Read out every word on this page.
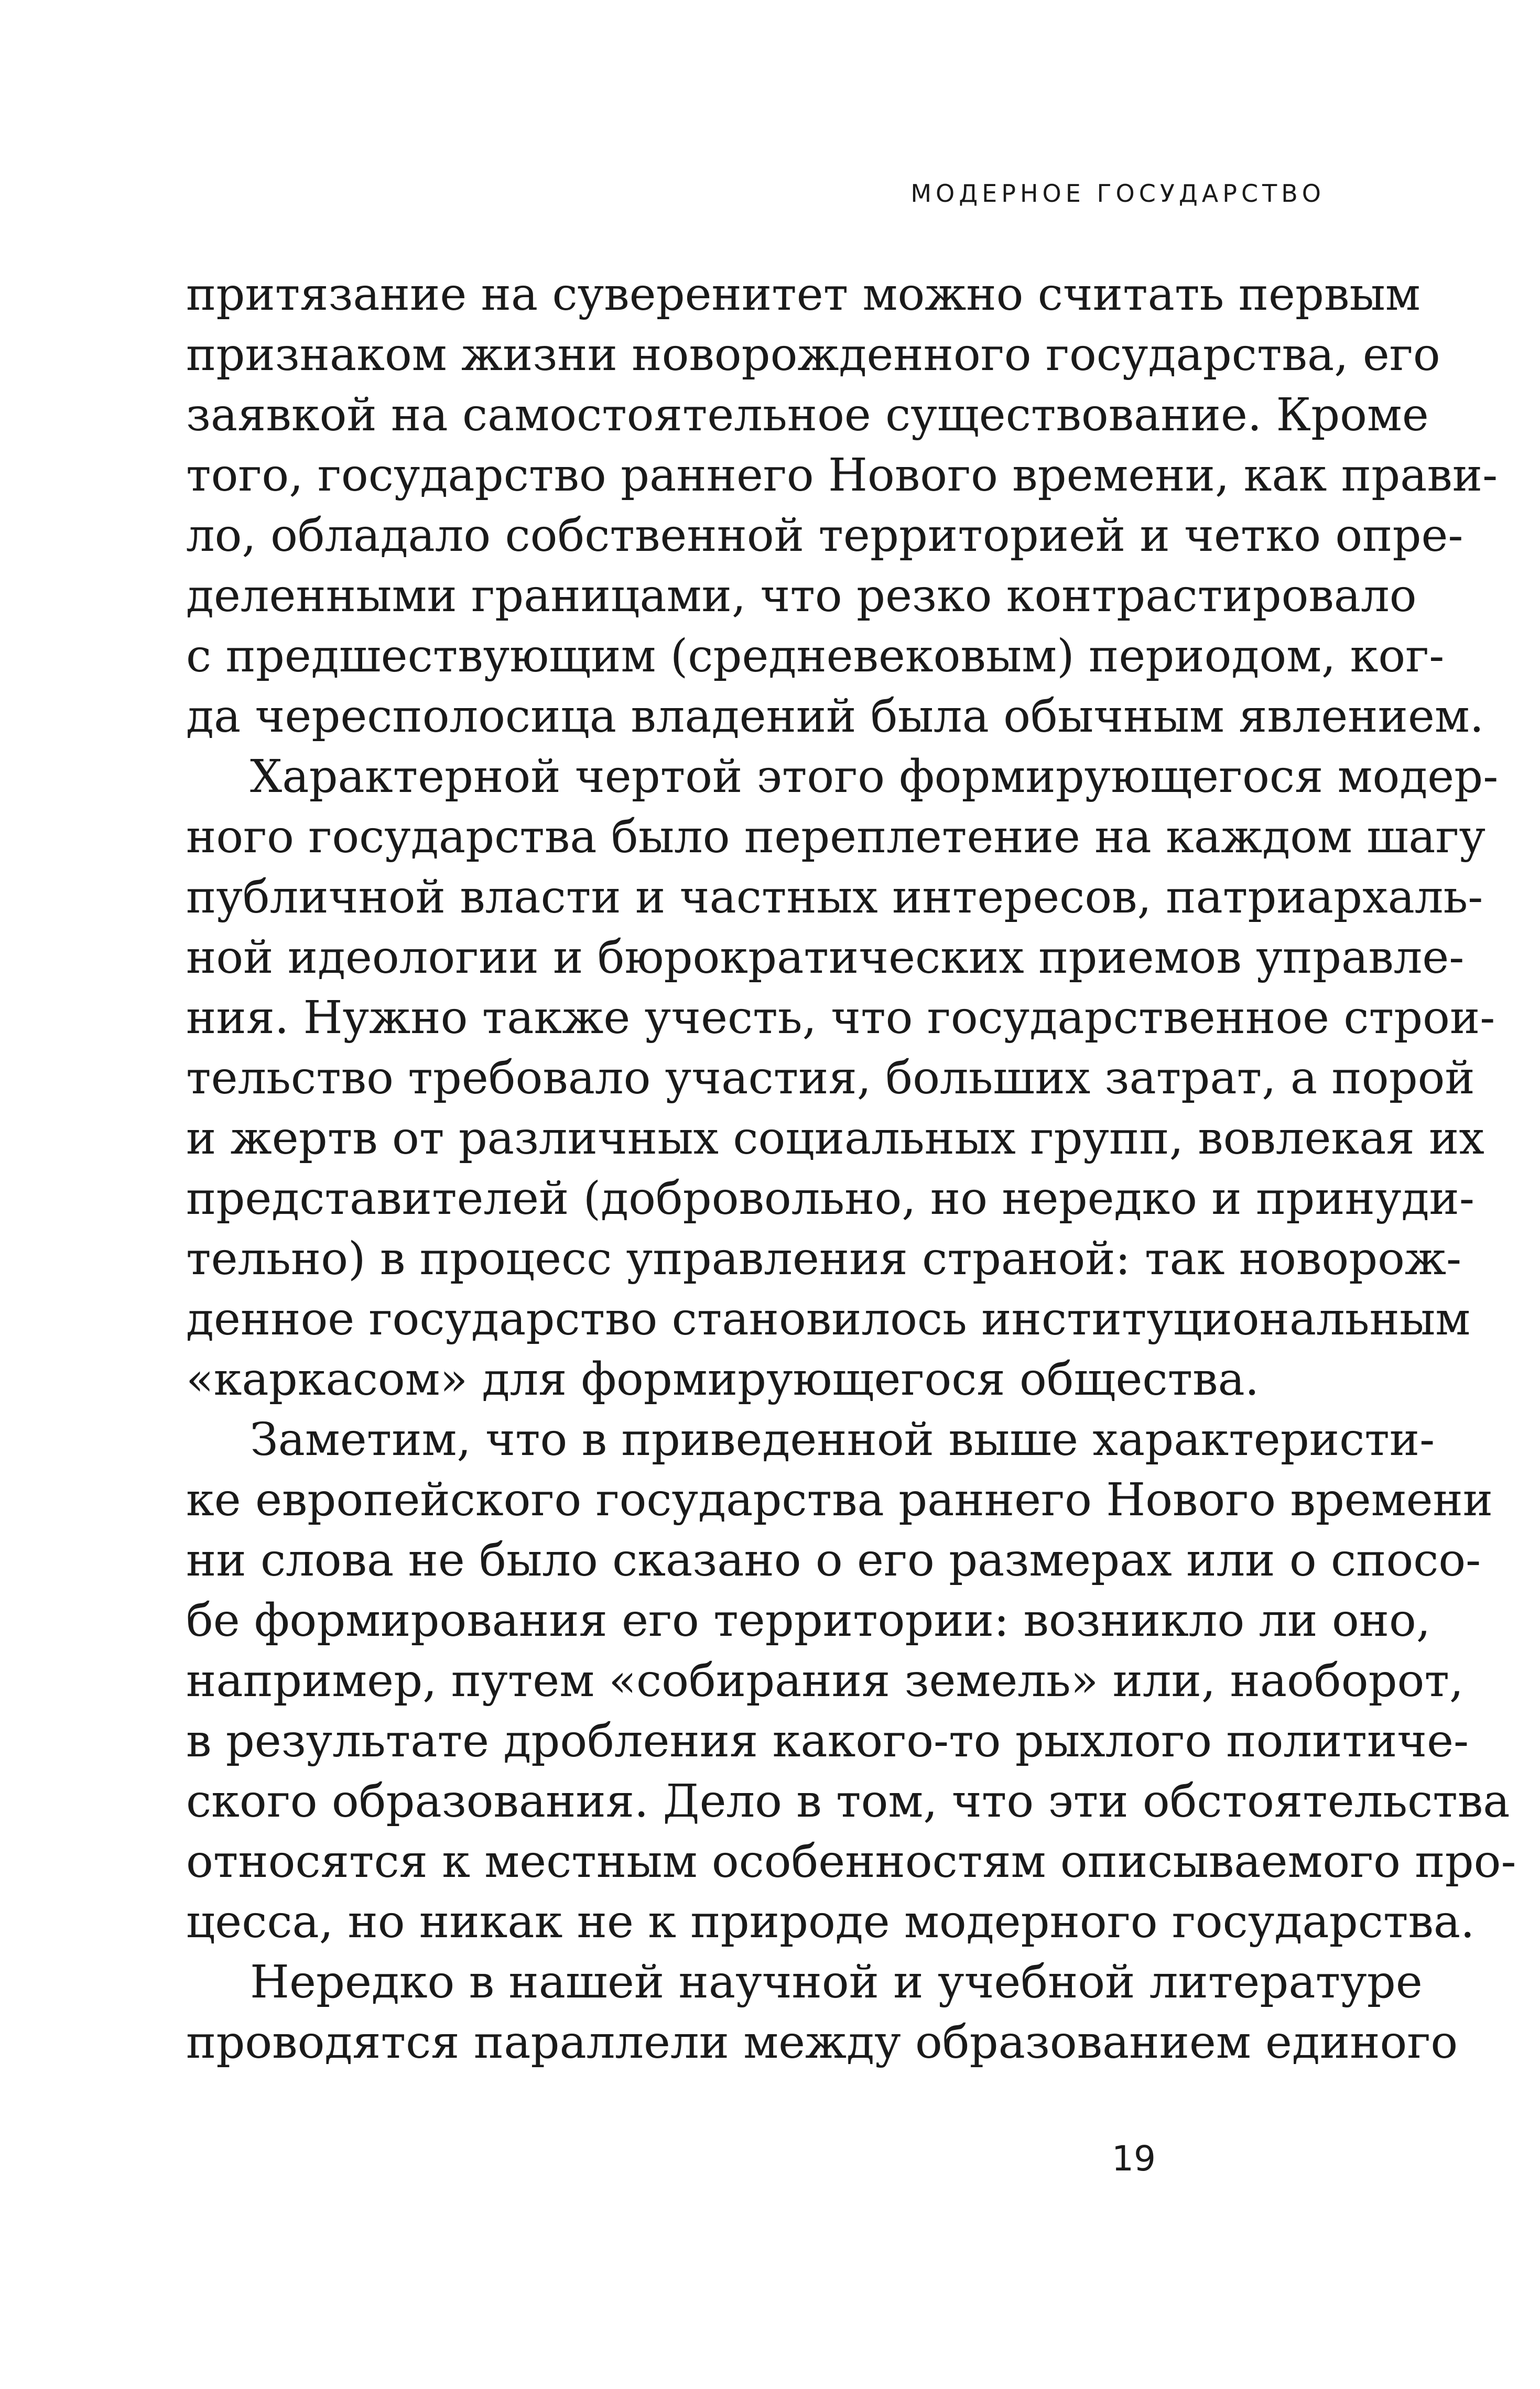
МОДЕРНОЕ ГОСУДАРСТВО
притязание на суверенитет можно считать первым
признаком жизни новорожденного государства, его
заявкой на самостоятельное существование. Кроме
того, государство раннего Нового времени, как прави-
ло, обладало собственной территорией и четко опре-
деленными границами, что резко контрастировало
с предшествующим (средневековым) периодом, ког-
да чересполосица владений была обычным явлением.
Характерной чертой этого формирующегося модер-
ного государства было переплетение на каждом шагу
публичной власти и частных интересов, патриархаль-
ной идеологии и бюрократических приемов управле-
ния. Нужно также учесть, что государственное строи-
тельство требовало участия, больших затрат, а порой
и жертв от различных социальных групп, вовлекая их
представителей (добровольно, но нередко и принуди-
тельно) в процесс управления страной: так новорож-
денное государство становилось институциональным
«каркасом» для формирующегося общества.
Заметим, что в приведенной выше характеристи-
ке европейского государства раннего Нового времени
ни слова не было сказано о его размерах или о спосо-
бе формирования его территории: возникло ли оно,
например, путем «собирания земель» или, наоборот,
в результате дробления какого-то рыхлого политиче-
ского образования. Дело в том, что эти обстоятельства
относятся к местным особенностям описываемого про-
цесса, но никак не к природе модерного государства.
Нередко в нашей научной и учебной литературе
проводятся параллели между образованием единого
19
